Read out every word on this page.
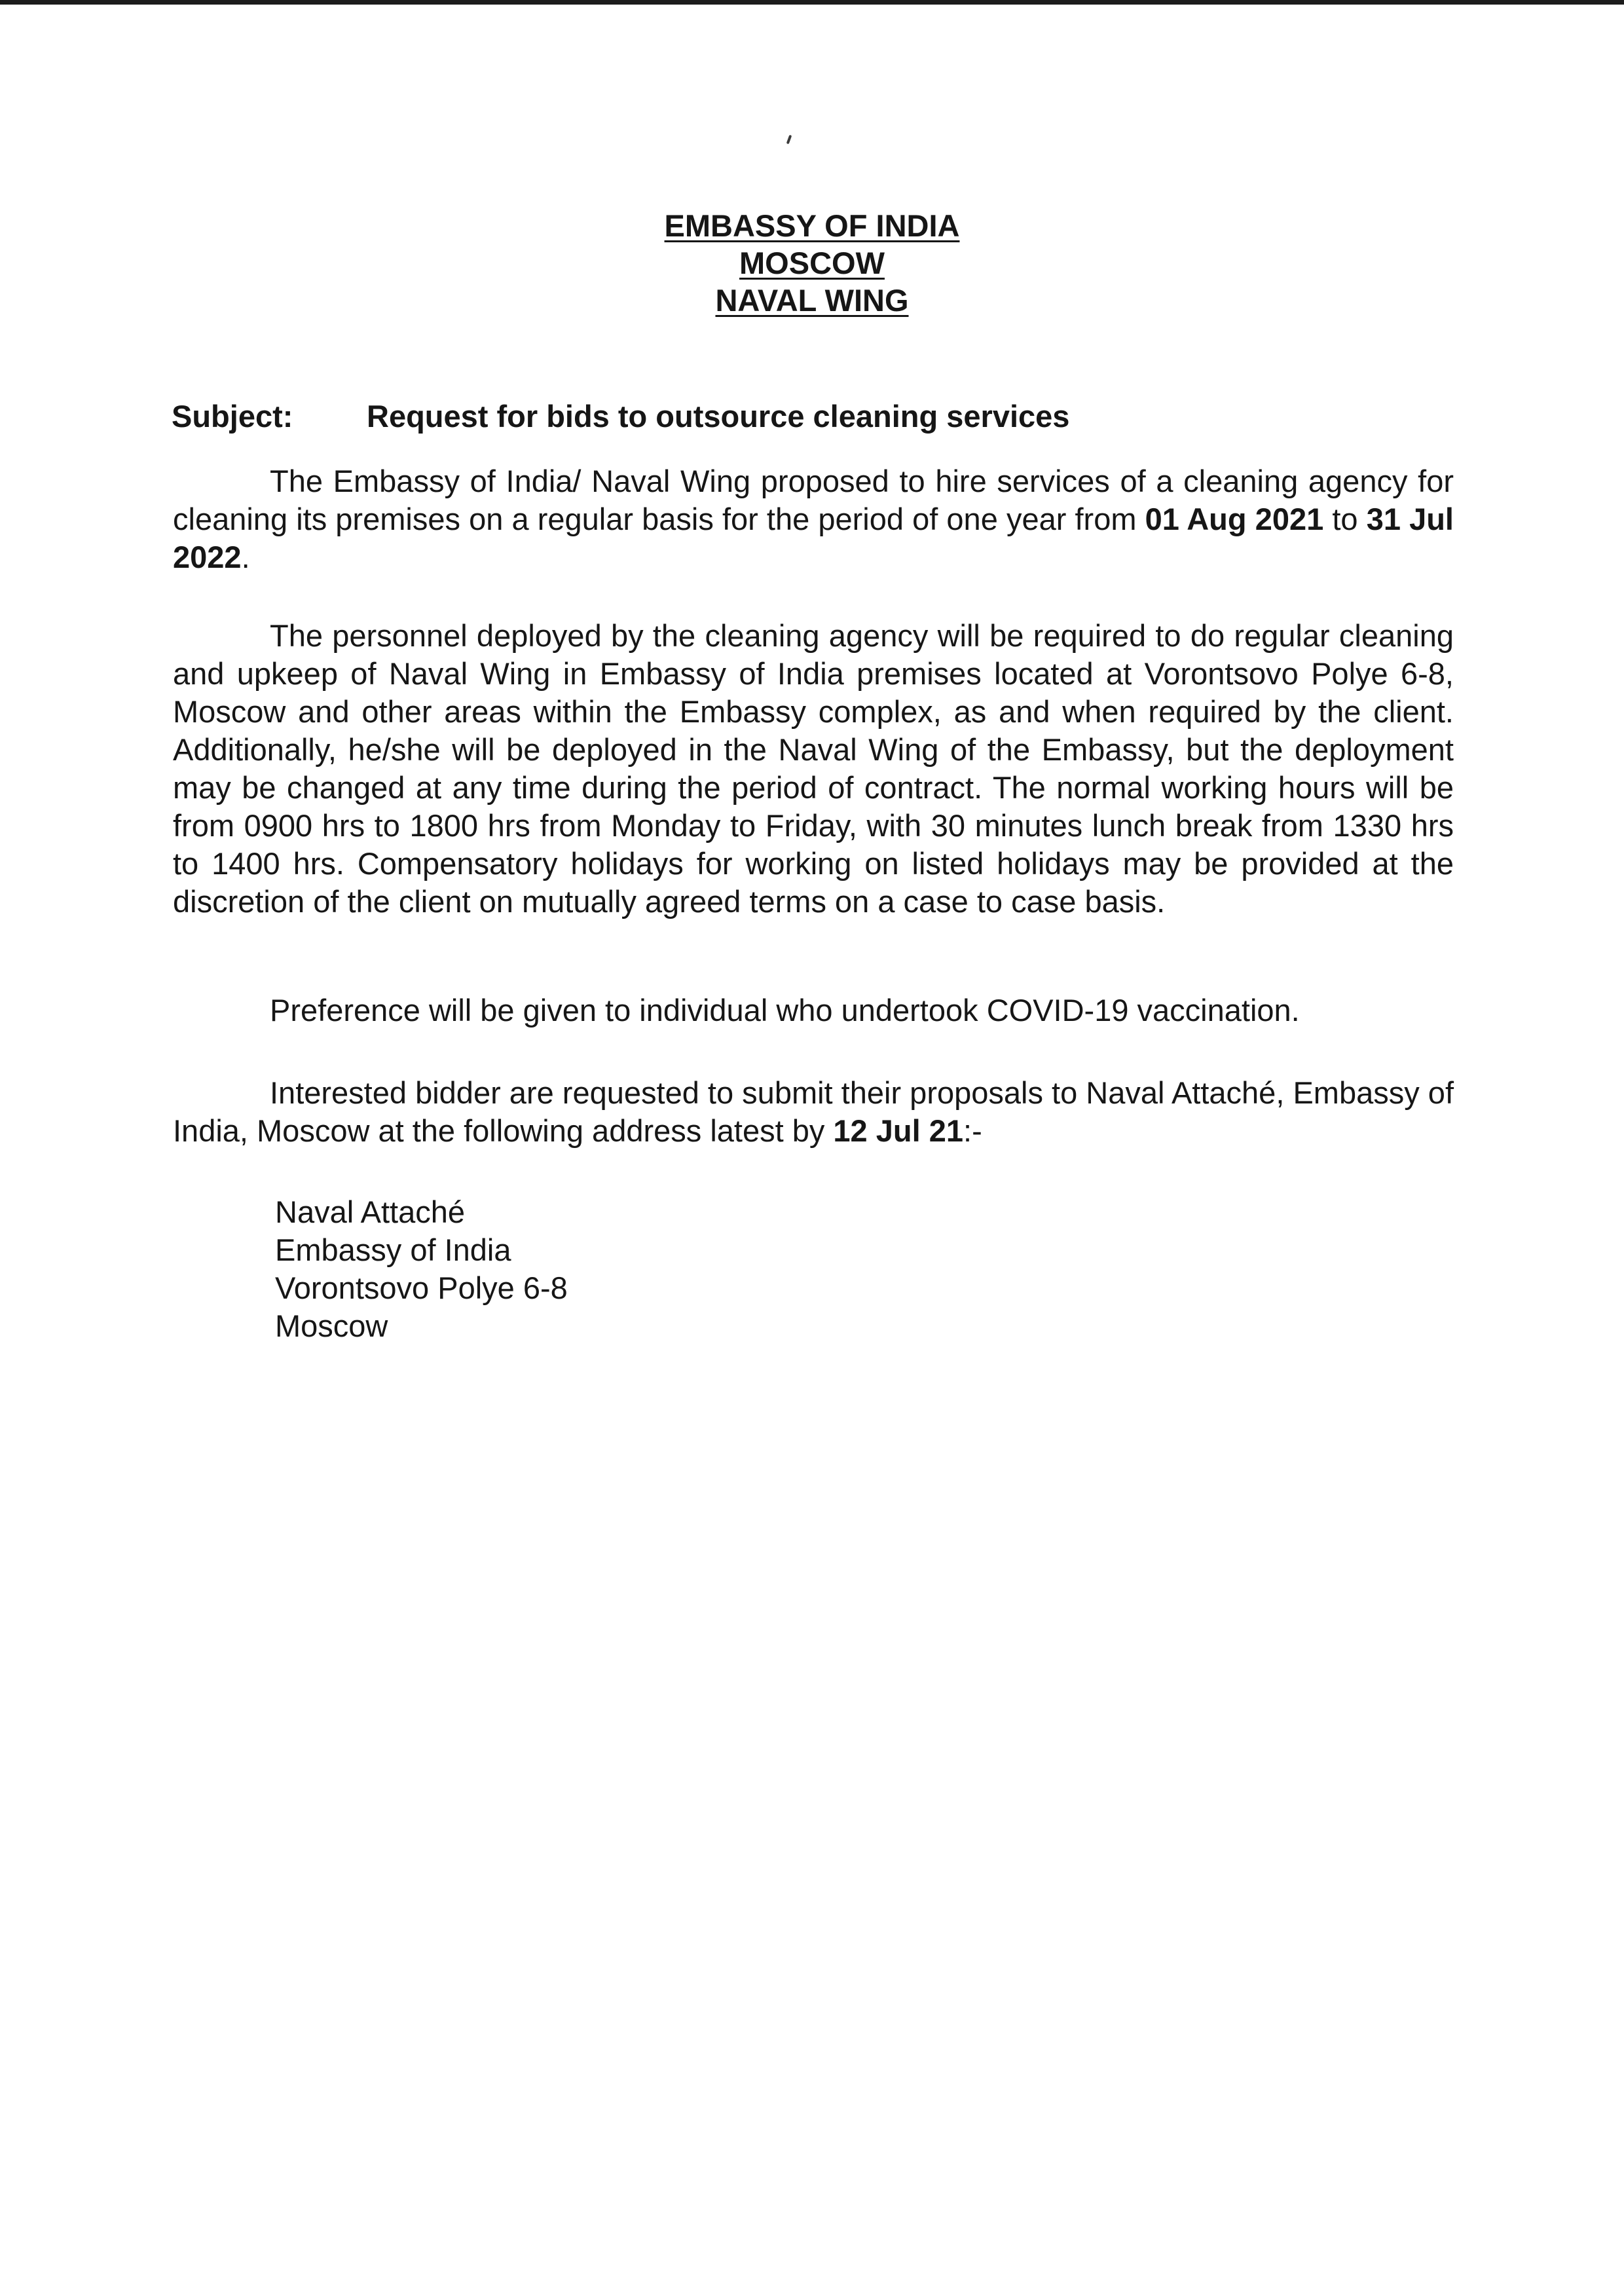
EMBASSY OF INDIA
MOSCOW
NAVAL WING
Subject: Request for bids to outsource cleaning services
The Embassy of India/ Naval Wing proposed to hire services of a cleaning agency for cleaning its premises on a regular basis for the period of one year from 01 Aug 2021 to 31 Jul 2022.
The personnel deployed by the cleaning agency will be required to do regular cleaning and upkeep of Naval Wing in Embassy of India premises located at Vorontsovo Polye 6-8, Moscow and other areas within the Embassy complex, as and when required by the client. Additionally, he/she will be deployed in the Naval Wing of the Embassy, but the deployment may be changed at any time during the period of contract. The normal working hours will be from 0900 hrs to 1800 hrs from Monday to Friday, with 30 minutes lunch break from 1330 hrs to 1400 hrs. Compensatory holidays for working on listed holidays may be provided at the discretion of the client on mutually agreed terms on a case to case basis.
Preference will be given to individual who undertook COVID-19 vaccination.
Interested bidder are requested to submit their proposals to Naval Attaché, Embassy of India, Moscow at the following address latest by 12 Jul 21:-
Naval Attaché
Embassy of India
Vorontsovo Polye 6-8
Moscow
